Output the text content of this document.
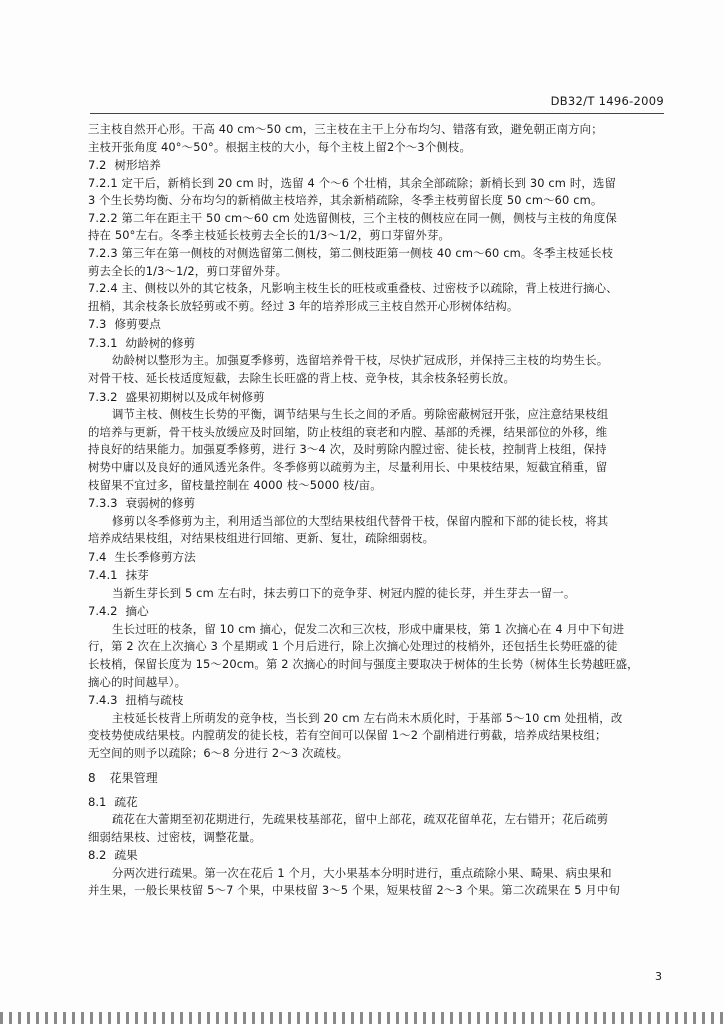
DB32/T 1496-2009
三主枝自然开心形。干高 40 cm～50 cm，三主枝在主干上分布均匀、错落有致，避免朝正南方向；
主枝开张角度 40°～50°。根据主枝的大小，每个主枝上留2个～3个侧枝。
7.2 树形培养
7.2.1 定干后，新梢长到 20 cm 时，选留 4 个～6 个壮梢，其余全部疏除；新梢长到 30 cm 时，选留
3 个生长势均衡、分布均匀的新梢做主枝培养，其余新梢疏除，冬季主枝剪留长度 50 cm～60 cm。
7.2.2 第二年在距主干 50 cm～60 cm 处选留侧枝，三个主枝的侧枝应在同一侧，侧枝与主枝的角度保
持在 50°左右。冬季主枝延长枝剪去全长的1/3～1/2，剪口芽留外芽。
7.2.3 第三年在第一侧枝的对侧选留第二侧枝，第二侧枝距第一侧枝 40 cm～60 cm。冬季主枝延长枝
剪去全长的1/3～1/2，剪口芽留外芽。
7.2.4 主、侧枝以外的其它枝条，凡影响主枝生长的旺枝或重叠枝、过密枝予以疏除，背上枝进行摘心、
扭梢，其余枝条长放轻剪或不剪。经过 3 年的培养形成三主枝自然开心形树体结构。
7.3 修剪要点
7.3.1 幼龄树的修剪
幼龄树以整形为主。加强夏季修剪，选留培养骨干枝，尽快扩冠成形，并保持三主枝的均势生长。
对骨干枝、延长枝适度短截，去除生长旺盛的背上枝、竞争枝，其余枝条轻剪长放。
7.3.2 盛果初期树以及成年树修剪
调节主枝、侧枝生长势的平衡，调节结果与生长之间的矛盾。剪除密蔽树冠开张，应注意结果枝组
的培养与更新，骨干枝头放缓应及时回缩，防止枝组的衰老和内膛、基部的秃裸，结果部位的外移，维
持良好的结果能力。加强夏季修剪，进行 3～4 次，及时剪除内膛过密、徒长枝，控制背上枝组，保持
树势中庸以及良好的通风透光条件。冬季修剪以疏剪为主，尽量利用长、中果枝结果，短截宜稍重，留
枝留果不宜过多，留枝量控制在 4000 枝～5000 枝/亩。
7.3.3 衰弱树的修剪
修剪以冬季修剪为主，利用适当部位的大型结果枝组代替骨干枝，保留内膛和下部的徒长枝，将其
培养成结果枝组，对结果枝组进行回缩、更新、复壮，疏除细弱枝。
7.4 生长季修剪方法
7.4.1 抹芽
当新生芽长到 5 cm 左右时，抹去剪口下的竞争芽、树冠内膛的徒长芽，并生芽去一留一。
7.4.2 摘心
生长过旺的枝条，留 10 cm 摘心，促发二次和三次枝，形成中庸果枝，第 1 次摘心在 4 月中下旬进
行，第 2 次在上次摘心 3 个星期或 1 个月后进行，除上次摘心处理过的枝梢外，还包括生长势旺盛的徒
长枝梢，保留长度为 15～20cm。第 2 次摘心的时间与强度主要取决于树体的生长势（树体生长势越旺盛，
摘心的时间越早）。
7.4.3 扭梢与疏枝
主枝延长枝背上所萌发的竞争枝，当长到 20 cm 左右尚未木质化时，于基部 5～10 cm 处扭梢，改
变枝势使成结果枝。内膛萌发的徒长枝，若有空间可以保留 1～2 个副梢进行剪截，培养成结果枝组；
无空间的则予以疏除；6～8 分进行 2～3 次疏枝。
8 花果管理
8.1 疏花
疏花在大蕾期至初花期进行，先疏果枝基部花，留中上部花，疏双花留单花，左右错开；花后疏剪
细弱结果枝、过密枝，调整花量。
8.2 疏果
分两次进行疏果。第一次在花后 1 个月，大小果基本分明时进行，重点疏除小果、畸果、病虫果和
并生果，一般长果枝留 5～7 个果，中果枝留 3～5 个果，短果枝留 2～3 个果。第二次疏果在 5 月中旬
3
